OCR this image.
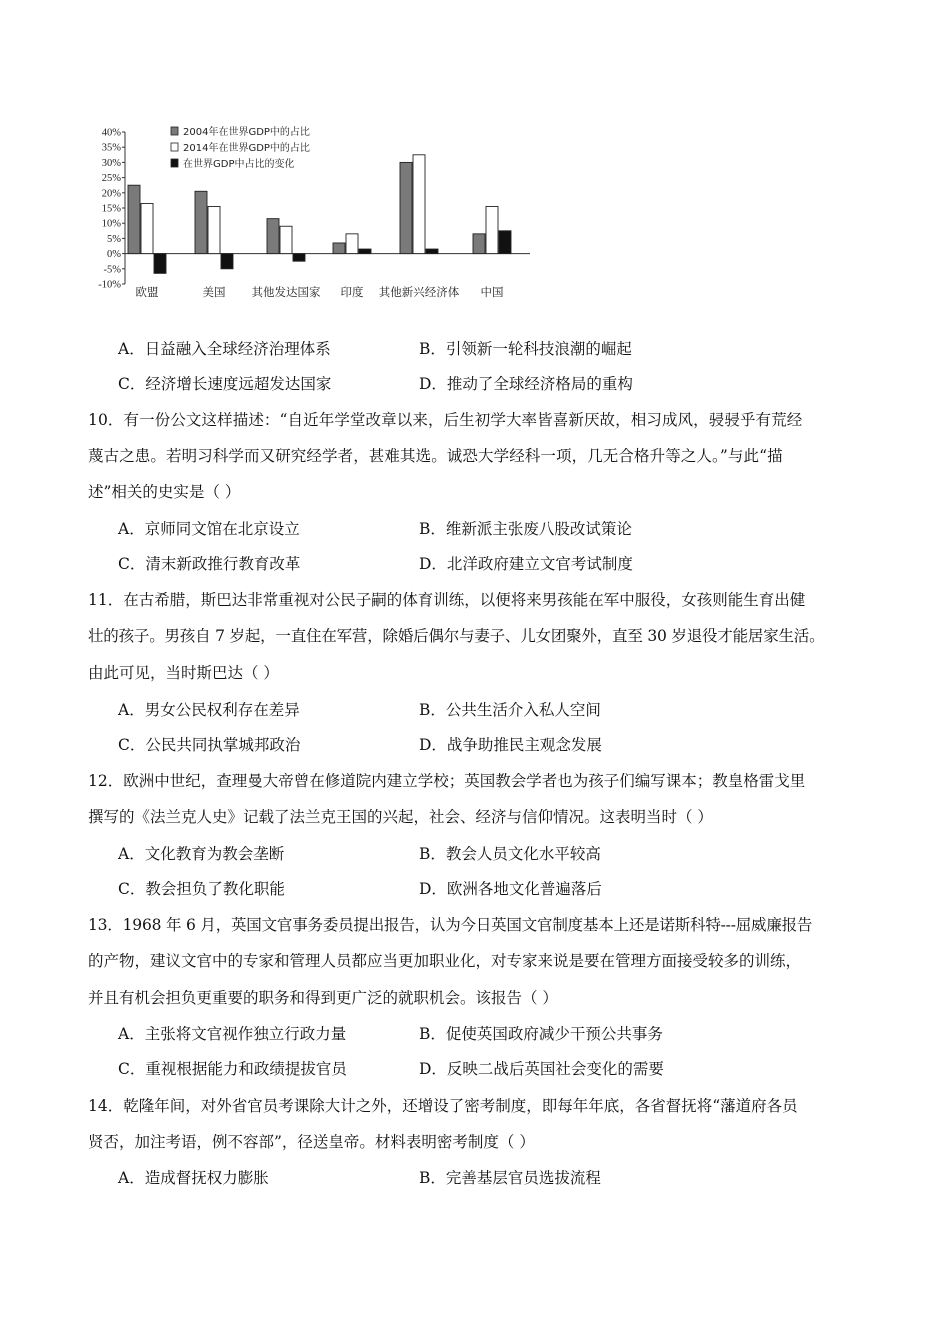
40%
35%
30%
25%
20%
15%
10%
5%
0%
-5%
-10%
2004年在世界GDP中的占比
2014年在世界GDP中的占比
在世界GDP中占比的变化
欧盟	美国 其他发达国家 印度 其他新兴经济体 中国
A．日益融入全球经济治理体系	B．引领新一轮科技浪潮的崛起
C．经济增长速度远超发达国家	D．推动了全球经济格局的重构
10．有一份公文这样描述：“自近年学堂改章以来，后生初学大率皆喜新厌故，相习成风，骎骎乎有荒经
蔑古之患。若明习科学而又研究经学者，甚难其选。诚恐大学经科一项，几无合格升等之人。”与此“描
述”相关的史实是（ ）
A．京师同文馆在北京设立	B．维新派主张废八股改试策论
C．清末新政推行教育改革	D．北洋政府建立文官考试制度
11．在古希腊，斯巴达非常重视对公民子嗣的体育训练，以便将来男孩能在军中服役，女孩则能生育出健
壮的孩子。男孩自 7 岁起，一直住在军营，除婚后偶尔与妻子、儿女团聚外，直至 30 岁退役才能居家生活。
由此可见，当时斯巴达（ ）
A．男女公民权利存在差异	B．公共生活介入私人空间
C．公民共同执掌城邦政治	D．战争助推民主观念发展
12．欧洲中世纪，查理曼大帝曾在修道院内建立学校；英国教会学者也为孩子们编写课本；教皇格雷戈里
撰写的《法兰克人史》记载了法兰克王国的兴起，社会、经济与信仰情况。这表明当时（ ）
A．文化教育为教会垄断	B．教会人员文化水平较高
C．教会担负了教化职能	D．欧洲各地文化普遍落后
13．1968 年 6 月，英国文官事务委员提出报告，认为今日英国文官制度基本上还是诺斯科特---屈威廉报告
的产物，建议文官中的专家和管理人员都应当更加职业化，对专家来说是要在管理方面接受较多的训练，
并且有机会担负更重要的职务和得到更广泛的就职机会。该报告（ ）
A．主张将文官视作独立行政力量	B．促使英国政府减少干预公共事务
C．重视根据能力和政绩提拔官员	D．反映二战后英国社会变化的需要
14．乾隆年间，对外省官员考课除大计之外，还增设了密考制度，即每年年底，各省督抚将“藩道府各员
贤否，加注考语，例不容部”，径送皇帝。材料表明密考制度（ ）
A．造成督抚权力膨胀	B．完善基层官员选拔流程
